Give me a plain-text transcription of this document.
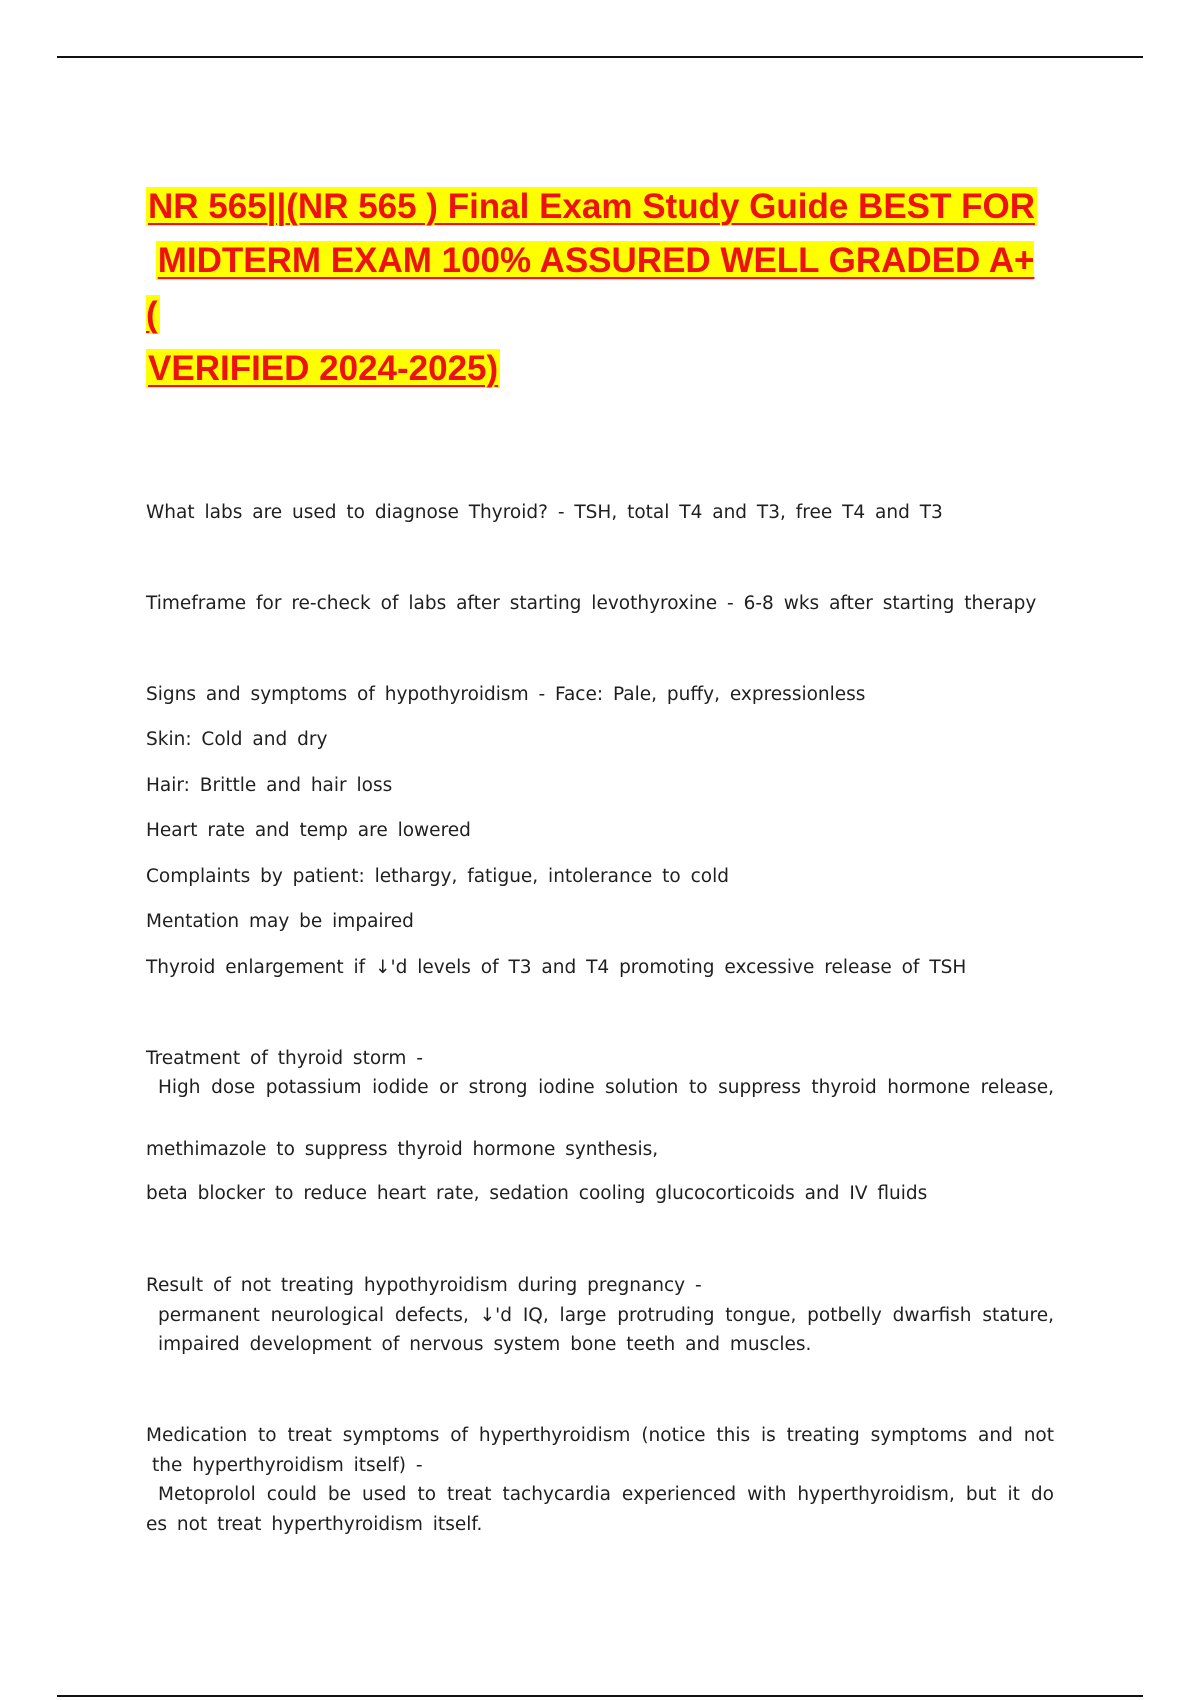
NR 565||(NR 565 ) Final Exam Study Guide BEST FOR
MIDTERM EXAM 100% ASSURED WELL GRADED A+ (
VERIFIED 2024-2025)
What labs are used to diagnose Thyroid? - TSH, total T4 and T3, free T4 and T3
Timeframe for re-check of labs after starting levothyroxine - 6-8 wks after starting therapy
Signs and symptoms of hypothyroidism - Face: Pale, puffy, expressionless
Skin: Cold and dry
Hair: Brittle and hair loss
Heart rate and temp are lowered
Complaints by patient: lethargy, fatigue, intolerance to cold
Mentation may be impaired
Thyroid enlargement if ↓'d levels of T3 and T4 promoting excessive release of TSH
Treatment of thyroid storm -
High dose potassium iodide or strong iodine solution to suppress thyroid hormone release,
methimazole to suppress thyroid hormone synthesis,
beta blocker to reduce heart rate, sedation cooling glucocorticoids and IV fluids
Result of not treating hypothyroidism during pregnancy -
permanent neurological defects, ↓'d IQ, large protruding tongue, potbelly dwarfish stature,
impaired development of nervous system bone teeth and muscles.
Medication to treat symptoms of hyperthyroidism (notice this is treating symptoms and not
the hyperthyroidism itself) -
Metoprolol could be used to treat tachycardia experienced with hyperthyroidism, but it do
es not treat hyperthyroidism itself.
